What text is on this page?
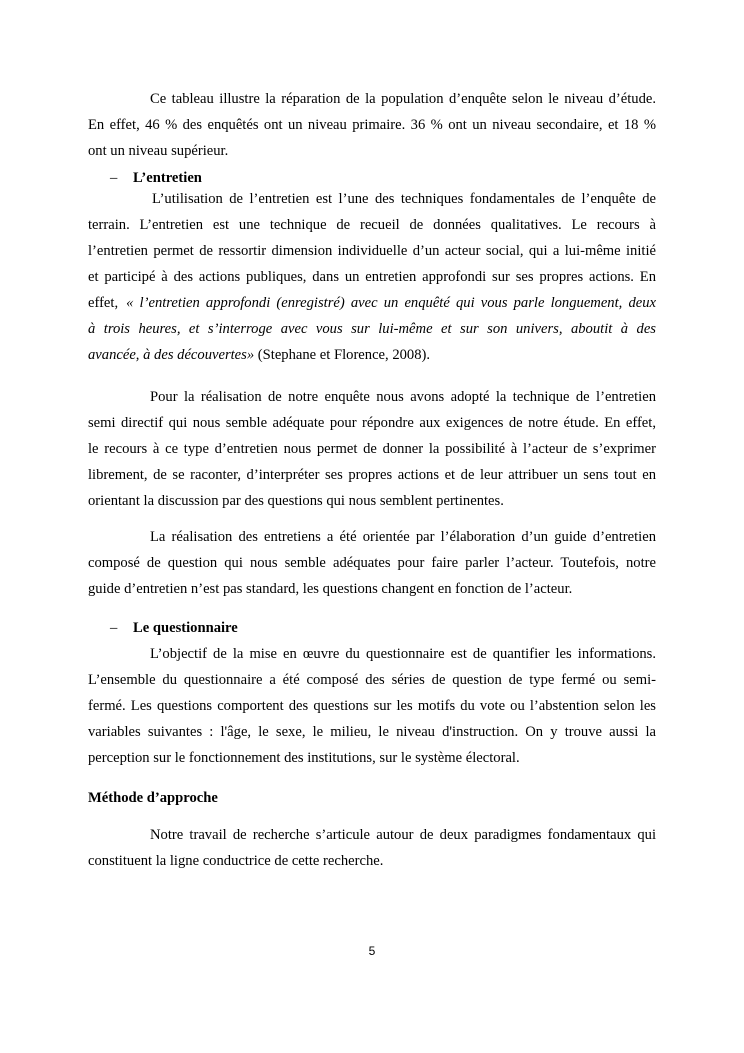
Ce tableau illustre la réparation de la population d’enquête selon le niveau d’étude.
En effet, 46 % des enquêtés ont un niveau primaire. 36 % ont un niveau secondaire, et 18 %
ont un niveau supérieur.
– L’entretien
L’utilisation de l’entretien est l’une des techniques fondamentales de l’enquête de
terrain. L’entretien est une technique de recueil de données qualitatives. Le recours à
l’entretien permet de ressortir dimension individuelle d’un acteur social, qui a lui-même initié
et participé à des actions publiques, dans un entretien approfondi sur ses propres actions. En
effet, « l’entretien approfondi (enregistré) avec un enquêté qui vous parle longuement, deux
à trois heures, et s’interroge avec vous sur lui-même et sur son univers, aboutit à des
avancée, à des découvertes» (Stephane et Florence, 2008).
Pour la réalisation de notre enquête nous avons adopté la technique de l’entretien
semi directif qui nous semble adéquate pour répondre aux exigences de notre étude. En effet,
le recours à ce type d’entretien nous permet de donner la possibilité à l’acteur de s’exprimer
librement, de se raconter, d’interpréter ses propres actions et de leur attribuer un sens tout en
orientant la discussion par des questions qui nous semblent pertinentes.
La réalisation des entretiens a été orientée par l’élaboration d’un guide d’entretien
composé de question qui nous semble adéquates pour faire parler l’acteur. Toutefois, notre
guide d’entretien n’est pas standard, les questions changent en fonction de l’acteur.
– Le questionnaire
L’objectif de la mise en œuvre du questionnaire est de quantifier les informations.
L’ensemble du questionnaire a été composé des séries de question de type fermé ou semi-
fermé. Les questions comportent des questions sur les motifs du vote ou l’abstention selon les
variables suivantes : l'âge, le sexe, le milieu, le niveau d'instruction. On y trouve aussi la
perception sur le fonctionnement des institutions, sur le système électoral.
Méthode d’approche
Notre travail de recherche s’articule autour de deux paradigmes fondamentaux qui
constituent la ligne conductrice de cette recherche.
5
